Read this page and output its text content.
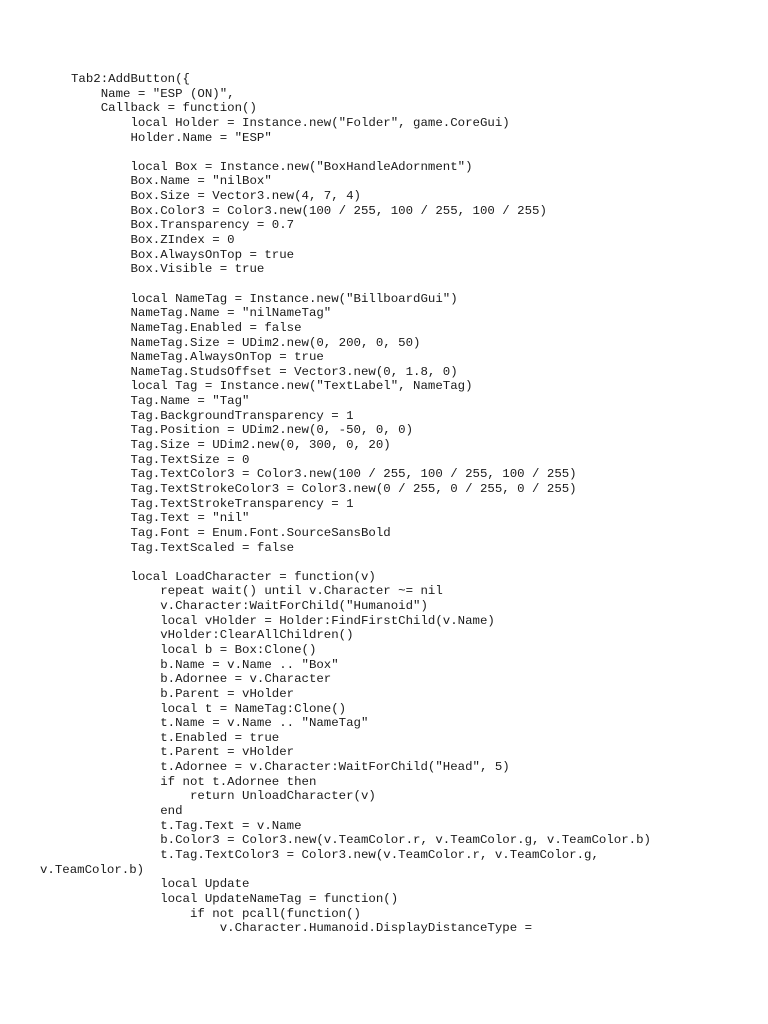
Tab2:AddButton({
Name = "ESP (ON)",
Callback = function()
local Holder = Instance.new("Folder", game.CoreGui)
Holder.Name = "ESP"
local Box = Instance.new("BoxHandleAdornment")
Box.Name = "nilBox"
Box.Size = Vector3.new(4, 7, 4)
Box.Color3 = Color3.new(100 / 255, 100 / 255, 100 / 255)
Box.Transparency = 0.7
Box.ZIndex = 0
Box.AlwaysOnTop = true
Box.Visible = true
local NameTag = Instance.new("BillboardGui")
NameTag.Name = "nilNameTag"
NameTag.Enabled = false
NameTag.Size = UDim2.new(0, 200, 0, 50)
NameTag.AlwaysOnTop = true
NameTag.StudsOffset = Vector3.new(0, 1.8, 0)
local Tag = Instance.new("TextLabel", NameTag)
Tag.Name = "Tag"
Tag.BackgroundTransparency = 1
Tag.Position = UDim2.new(0, -50, 0, 0)
Tag.Size = UDim2.new(0, 300, 0, 20)
Tag.TextSize = 0
Tag.TextColor3 = Color3.new(100 / 255, 100 / 255, 100 / 255)
Tag.TextStrokeColor3 = Color3.new(0 / 255, 0 / 255, 0 / 255)
Tag.TextStrokeTransparency = 1
Tag.Text = "nil"
Tag.Font = Enum.Font.SourceSansBold
Tag.TextScaled = false
local LoadCharacter = function(v)
repeat wait() until v.Character ~= nil
v.Character:WaitForChild("Humanoid")
local vHolder = Holder:FindFirstChild(v.Name)
vHolder:ClearAllChildren()
local b = Box:Clone()
b.Name = v.Name .. "Box"
b.Adornee = v.Character
b.Parent = vHolder
local t = NameTag:Clone()
t.Name = v.Name .. "NameTag"
t.Enabled = true
t.Parent = vHolder
t.Adornee = v.Character:WaitForChild("Head", 5)
if not t.Adornee then
return UnloadCharacter(v)
end
t.Tag.Text = v.Name
b.Color3 = Color3.new(v.TeamColor.r, v.TeamColor.g, v.TeamColor.b)
t.Tag.TextColor3 = Color3.new(v.TeamColor.r, v.TeamColor.g,
v.TeamColor.b)
local Update
local UpdateNameTag = function()
if not pcall(function()
v.Character.Humanoid.DisplayDistanceType =
